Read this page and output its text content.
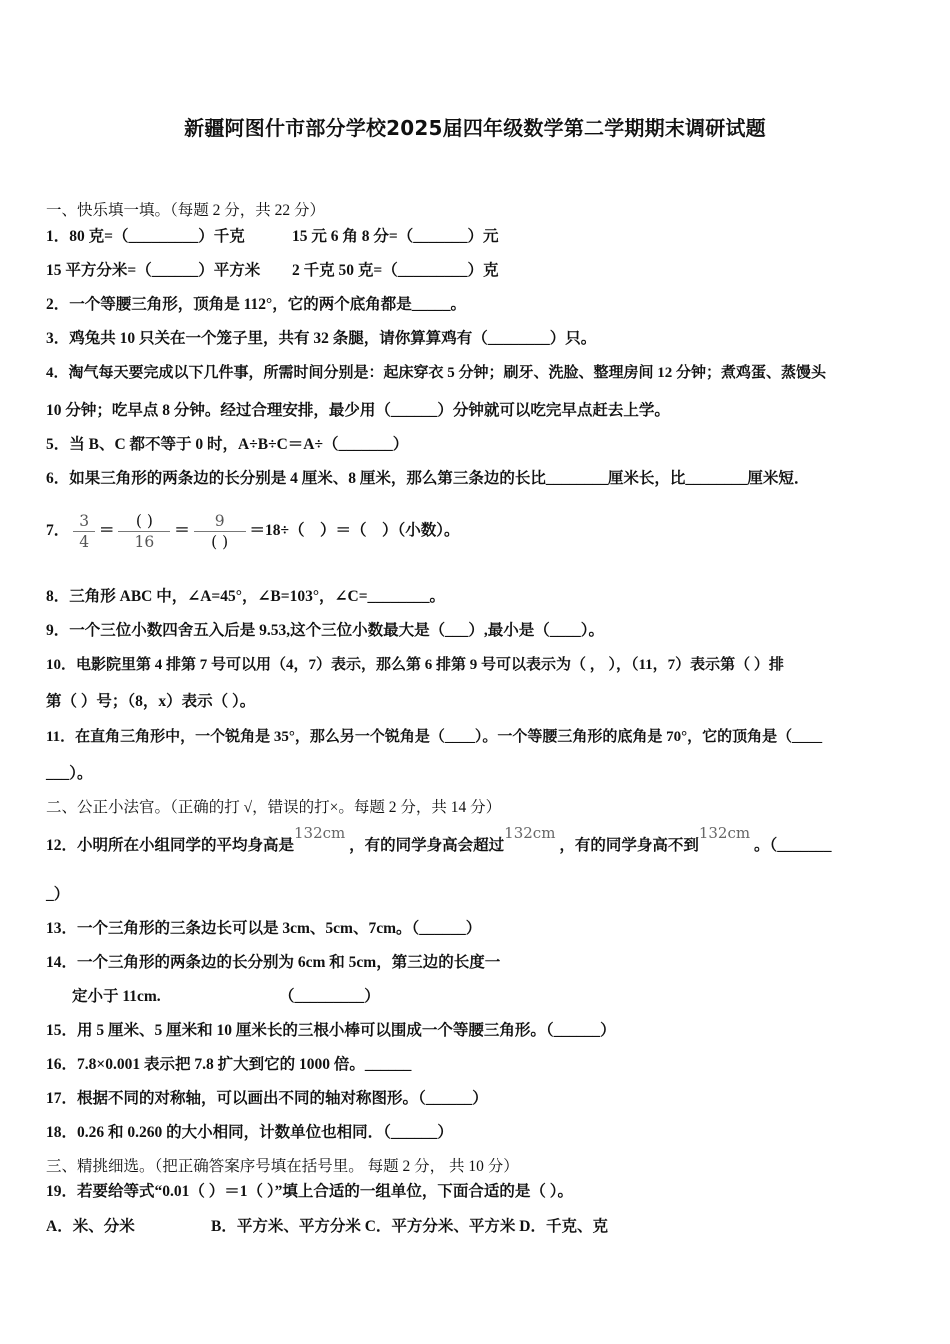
新疆阿图什市部分学校2025届四年级数学第二学期期末调研试题
一、快乐填一填。（每题 2 分，共 22 分）
1．80 克=（_________）千克	15 元 6 角 8 分=（_______）元
15 平方分米=（______）平方米 2 千克 50 克=（_________）克
2．一个等腰三角形，顶角是 112°，它的两个底角都是_____。
3．鸡兔共 10 只关在一个笼子里，共有 32 条腿，请你算算鸡有（________）只。
4．淘气每天要完成以下几件事，所需时间分别是：起床穿衣 5 分钟；刷牙、洗脸、整理房间 12 分钟；煮鸡蛋、蒸馒头
10 分钟；吃早点 8 分钟。经过合理安排，最少用（______）分钟就可以吃完早点赶去上学。
5．当 B、C 都不等于 0 时，A÷B÷C＝A÷（_______）
6．如果三角形的两条边的长分别是 4 厘米、8 厘米，那么第三条边的长比________厘米长，比________厘米短．
7． $\frac{3}{4} = \frac{( )}{16} = \frac{9}{( )} =18\div$（　）＝（　）（小数）。
8．三角形 ABC 中，∠A=45°，∠B=103°，∠C=________。
9．一个三位小数四舍五入后是 9.53,这个三位小数最大是（___）,最小是（____）。
10．电影院里第 4 排第 7 号可以用（4，7）表示，那么第 6 排第 9 号可以表示为（ ， ），（11，7）表示第（ ）排
第（ ）号；（8，x）表示（ ）。
11．在直角三角形中，一个锐角是 35°，那么另一个锐角是（____）。一个等腰三角形的底角是 70°，它的顶角是（____
___）。
二、公正小法官。（正确的打 √，错误的打×。每题 2 分，共 14 分）
12．小明所在小组同学的平均身高是132cm ，有的同学身高会超过132cm ，有的同学身高不到132cm 。（_______
_）
13．一个三角形的三条边长可以是 3cm、5cm、7cm。（______）
14．一个三角形的两条边的长分别为 6cm 和 5cm，第三边的长度一
定小于 11cm.	（_________）
15．用 5 厘米、5 厘米和 10 厘米长的三根小棒可以围成一个等腰三角形。（______）
16．7.8×0.001 表示把 7.8 扩大到它的 1000 倍。______
17．根据不同的对称轴，可以画出不同的轴对称图形。（______）
18．0.26 和 0.260 的大小相同，计数单位也相同．（______）
三、精挑细选。（把正确答案序号填在括号里。 每题 2 分， 共 10 分）
19．若要给等式“0.01（ ）＝1（ ）”填上合适的一组单位，下面合适的是（ ）。
A．米、分米	B．平方米、平方分米 C．平方分米、平方米 D．千克、克
